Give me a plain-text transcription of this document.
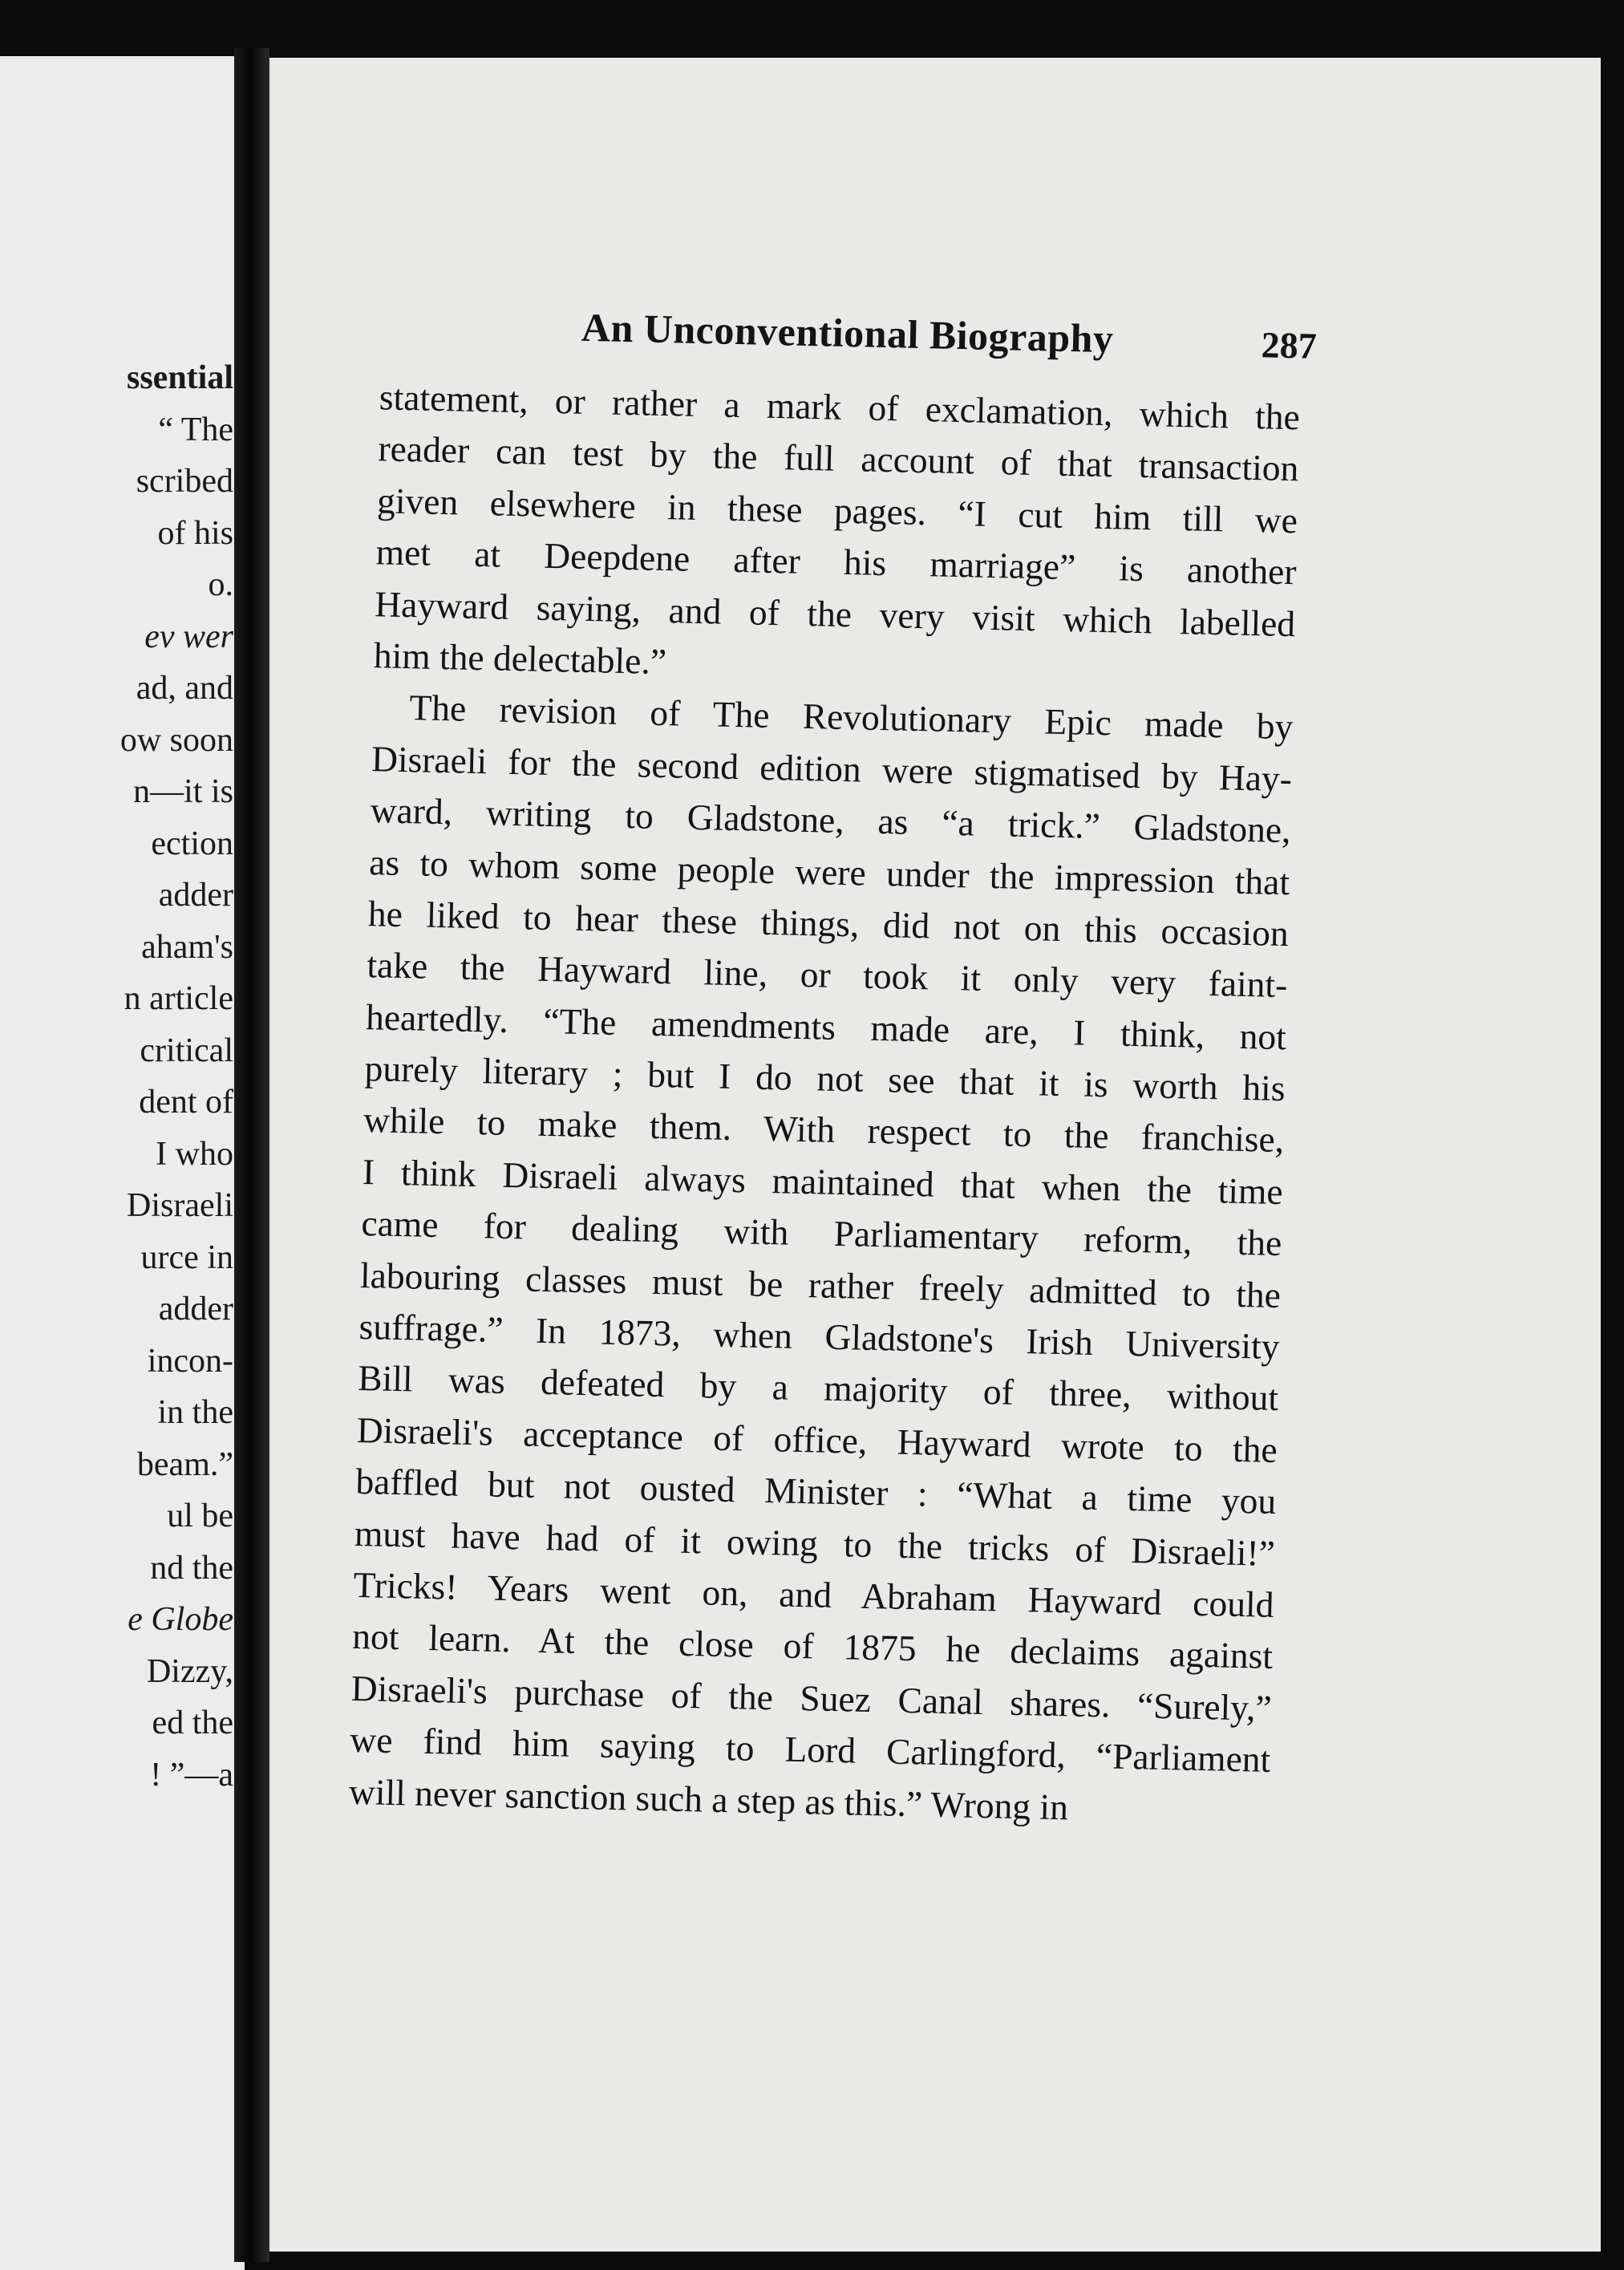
ssential
“ The
scribed
of his
o.
ev wer
ad, and
ow soon
n—it is
ection
adder
aham's
n article
critical
dent of
I who
Disraeli
urce in
adder
incon-
in the
beam.”
ul be
nd the
e Globe
Dizzy,
ed the
! ”—a
An Unconventional Biography	287
statement, or rather a mark of exclamation, which the
reader can test by the full account of that transaction
given elsewhere in these pages. “I cut him till we
met at Deepdene after his marriage” is another
Hayward saying, and of the very visit which labelled
him the delectable.”
The revision of The Revolutionary Epic made by
Disraeli for the second edition were stigmatised by Hay-
ward, writing to Gladstone, as “a trick.” Gladstone,
as to whom some people were under the impression that
he liked to hear these things, did not on this occasion
take the Hayward line, or took it only very faint-
heartedly. “The amendments made are, I think, not
purely literary ; but I do not see that it is worth his
while to make them. With respect to the franchise,
I think Disraeli always maintained that when the time
came for dealing with Parliamentary reform, the
labouring classes must be rather freely admitted to the
suffrage.” In 1873, when Gladstone's Irish University
Bill was defeated by a majority of three, without
Disraeli's acceptance of office, Hayward wrote to the
baffled but not ousted Minister : “What a time you
must have had of it owing to the tricks of Disraeli!”
Tricks! Years went on, and Abraham Hayward could
not learn. At the close of 1875 he declaims against
Disraeli's purchase of the Suez Canal shares. “Surely,”
we find him saying to Lord Carlingford, “Parliament
will never sanction such a step as this.” Wrong in
